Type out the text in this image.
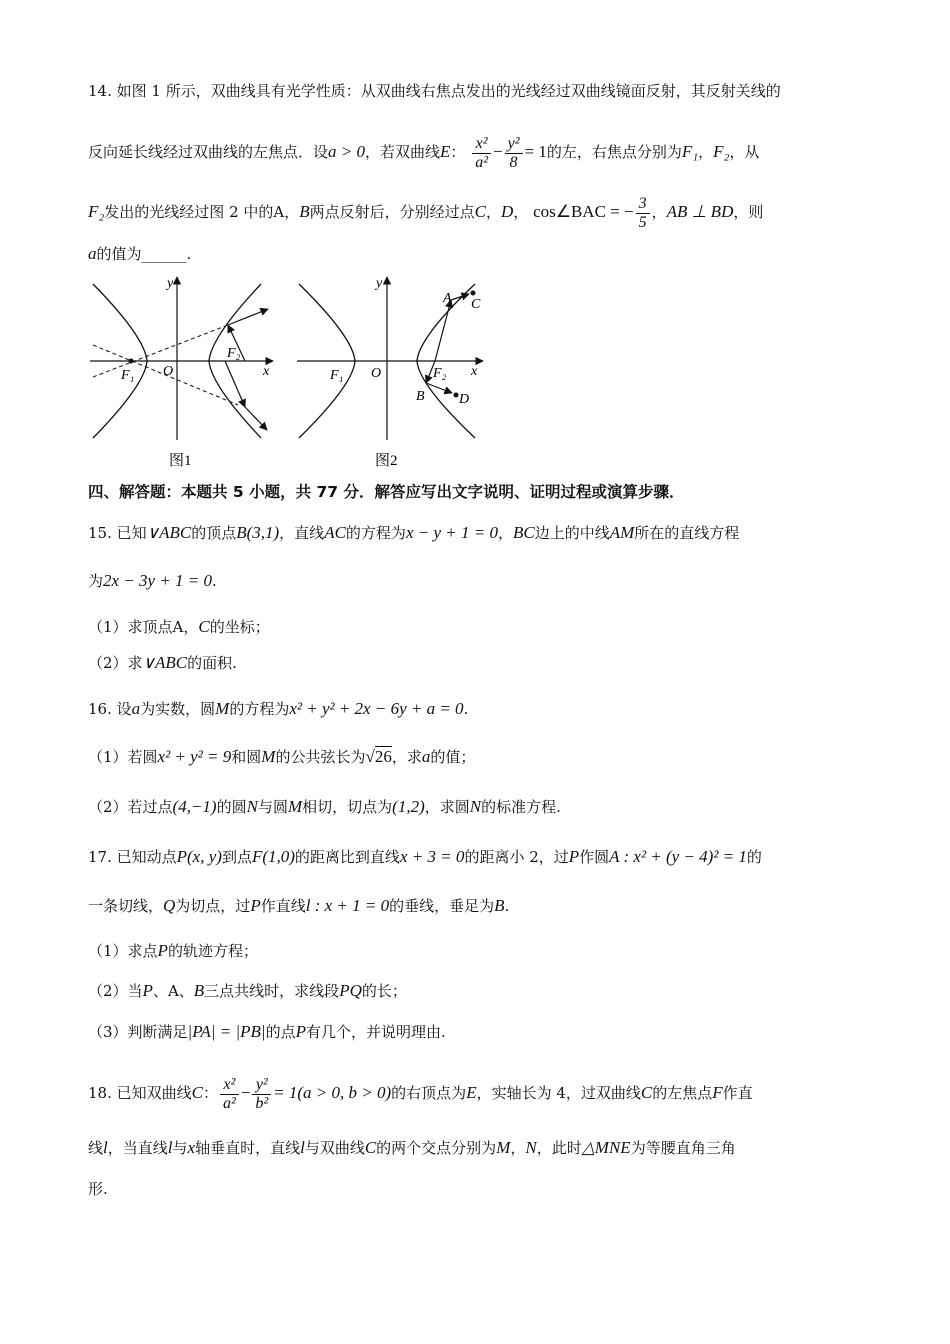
14. 如图 1 所示，双曲线具有光学性质：从双曲线右焦点发出的光线经过双曲线镜面反射，其反射关线的
反向延长线经过双曲线的左焦点．设a > 0，若双曲线E： $\frac{\text{x²}}{\text{a²}} - \frac{\text{y²}}{8} = 1$的左，右焦点分别为F₁，F₂，从
F₂发出的光线经过图 2 中的A，B两点反射后，分别经过点C，D， cos∠BAC = − $\frac{3}{5}$ ，AB ⊥ BD，则
a的值为______.
y
x
O
F₁
F₂
图1
y
x
O
F₁	F₂
A
B
C
D
图2
四、解答题：本题共 5 小题，共 77 分．解答应写出文字说明、证明过程或演算步骤．
15. 已知∨ABC的顶点B(3,1)，直线AC的方程为x − y + 1 = 0，BC边上的中线AM所在的直线方程
为2x − 3y + 1 = 0.
（1）求顶点A，C的坐标；
（2）求∨ABC的面积.
16. 设a为实数，圆M的方程为x² + y² + 2x − 6y + a = 0.
（1）若圆x² + y² = 9和圆M的公共弦长为√26，求a的值；
（2）若过点(4,−1)的圆N与圆M相切，切点为(1,2)，求圆N的标准方程.
17. 已知动点P(x, y)到点F(1,0)的距离比到直线x + 3 = 0的距离小 2，过P作圆A : x² + (y − 4)² = 1的
一条切线，Q为切点，过P作直线l : x + 1 = 0的垂线，垂足为B.
（1）求点P的轨迹方程；
（2）当P、A、B三点共线时，求线段PQ的长；
（3）判断满足|PA| = |PB|的点P有几个，并说明理由.
18. 已知双曲线C： $\frac{\text{x²}}{\text{a²}} - \frac{\text{y²}}{\text{b²}} = 1(a > 0$, b > 0)的右顶点为E，实轴长为 4，过双曲线C的左焦点F作直
线l，当直线l与x轴垂直时，直线l与双曲线C的两个交点分别为M，N，此时△MNE为等腰直角三角
形.
